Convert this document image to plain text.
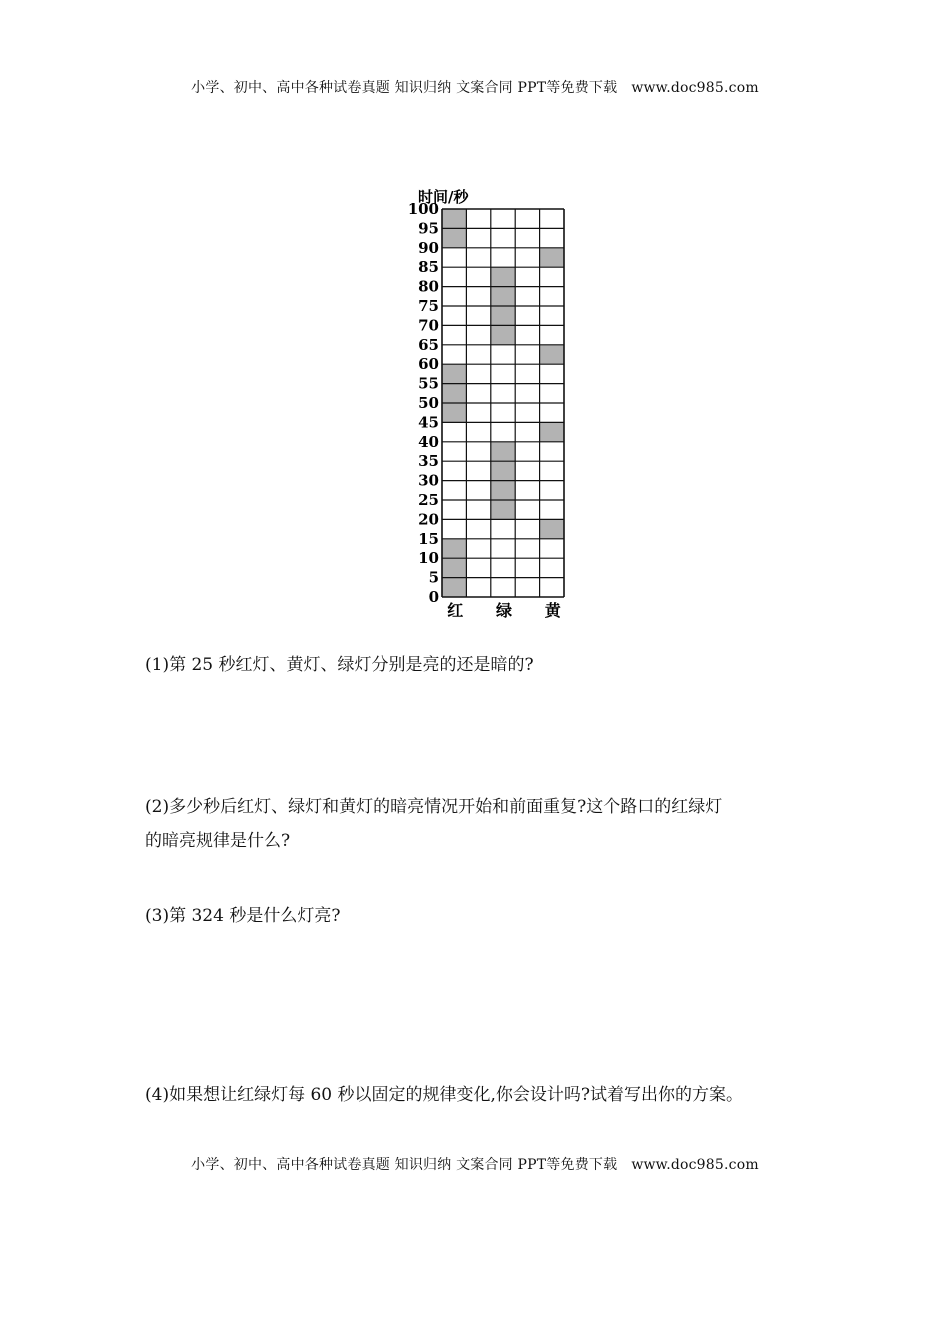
小学、初中、高中各种试卷真题 知识归纳 文案合同 PPT等免费下载 www.doc985.com
0
5
10
15
20
25
30
35
40
45
50
55
60
65
70
75
80
85
90
95
100
红 绿 黄
时间/秒
(1)第 25 秒红灯、黄灯、绿灯分别是亮的还是暗的?
(2)多少秒后红灯、绿灯和黄灯的暗亮情况开始和前面重复?这个路口的红绿灯
的暗亮规律是什么?
(3)第 324 秒是什么灯亮?
(4)如果想让红绿灯每 60 秒以固定的规律变化,你会设计吗?试着写出你的方案。
小学、初中、高中各种试卷真题 知识归纳 文案合同 PPT等免费下载 www.doc985.com
